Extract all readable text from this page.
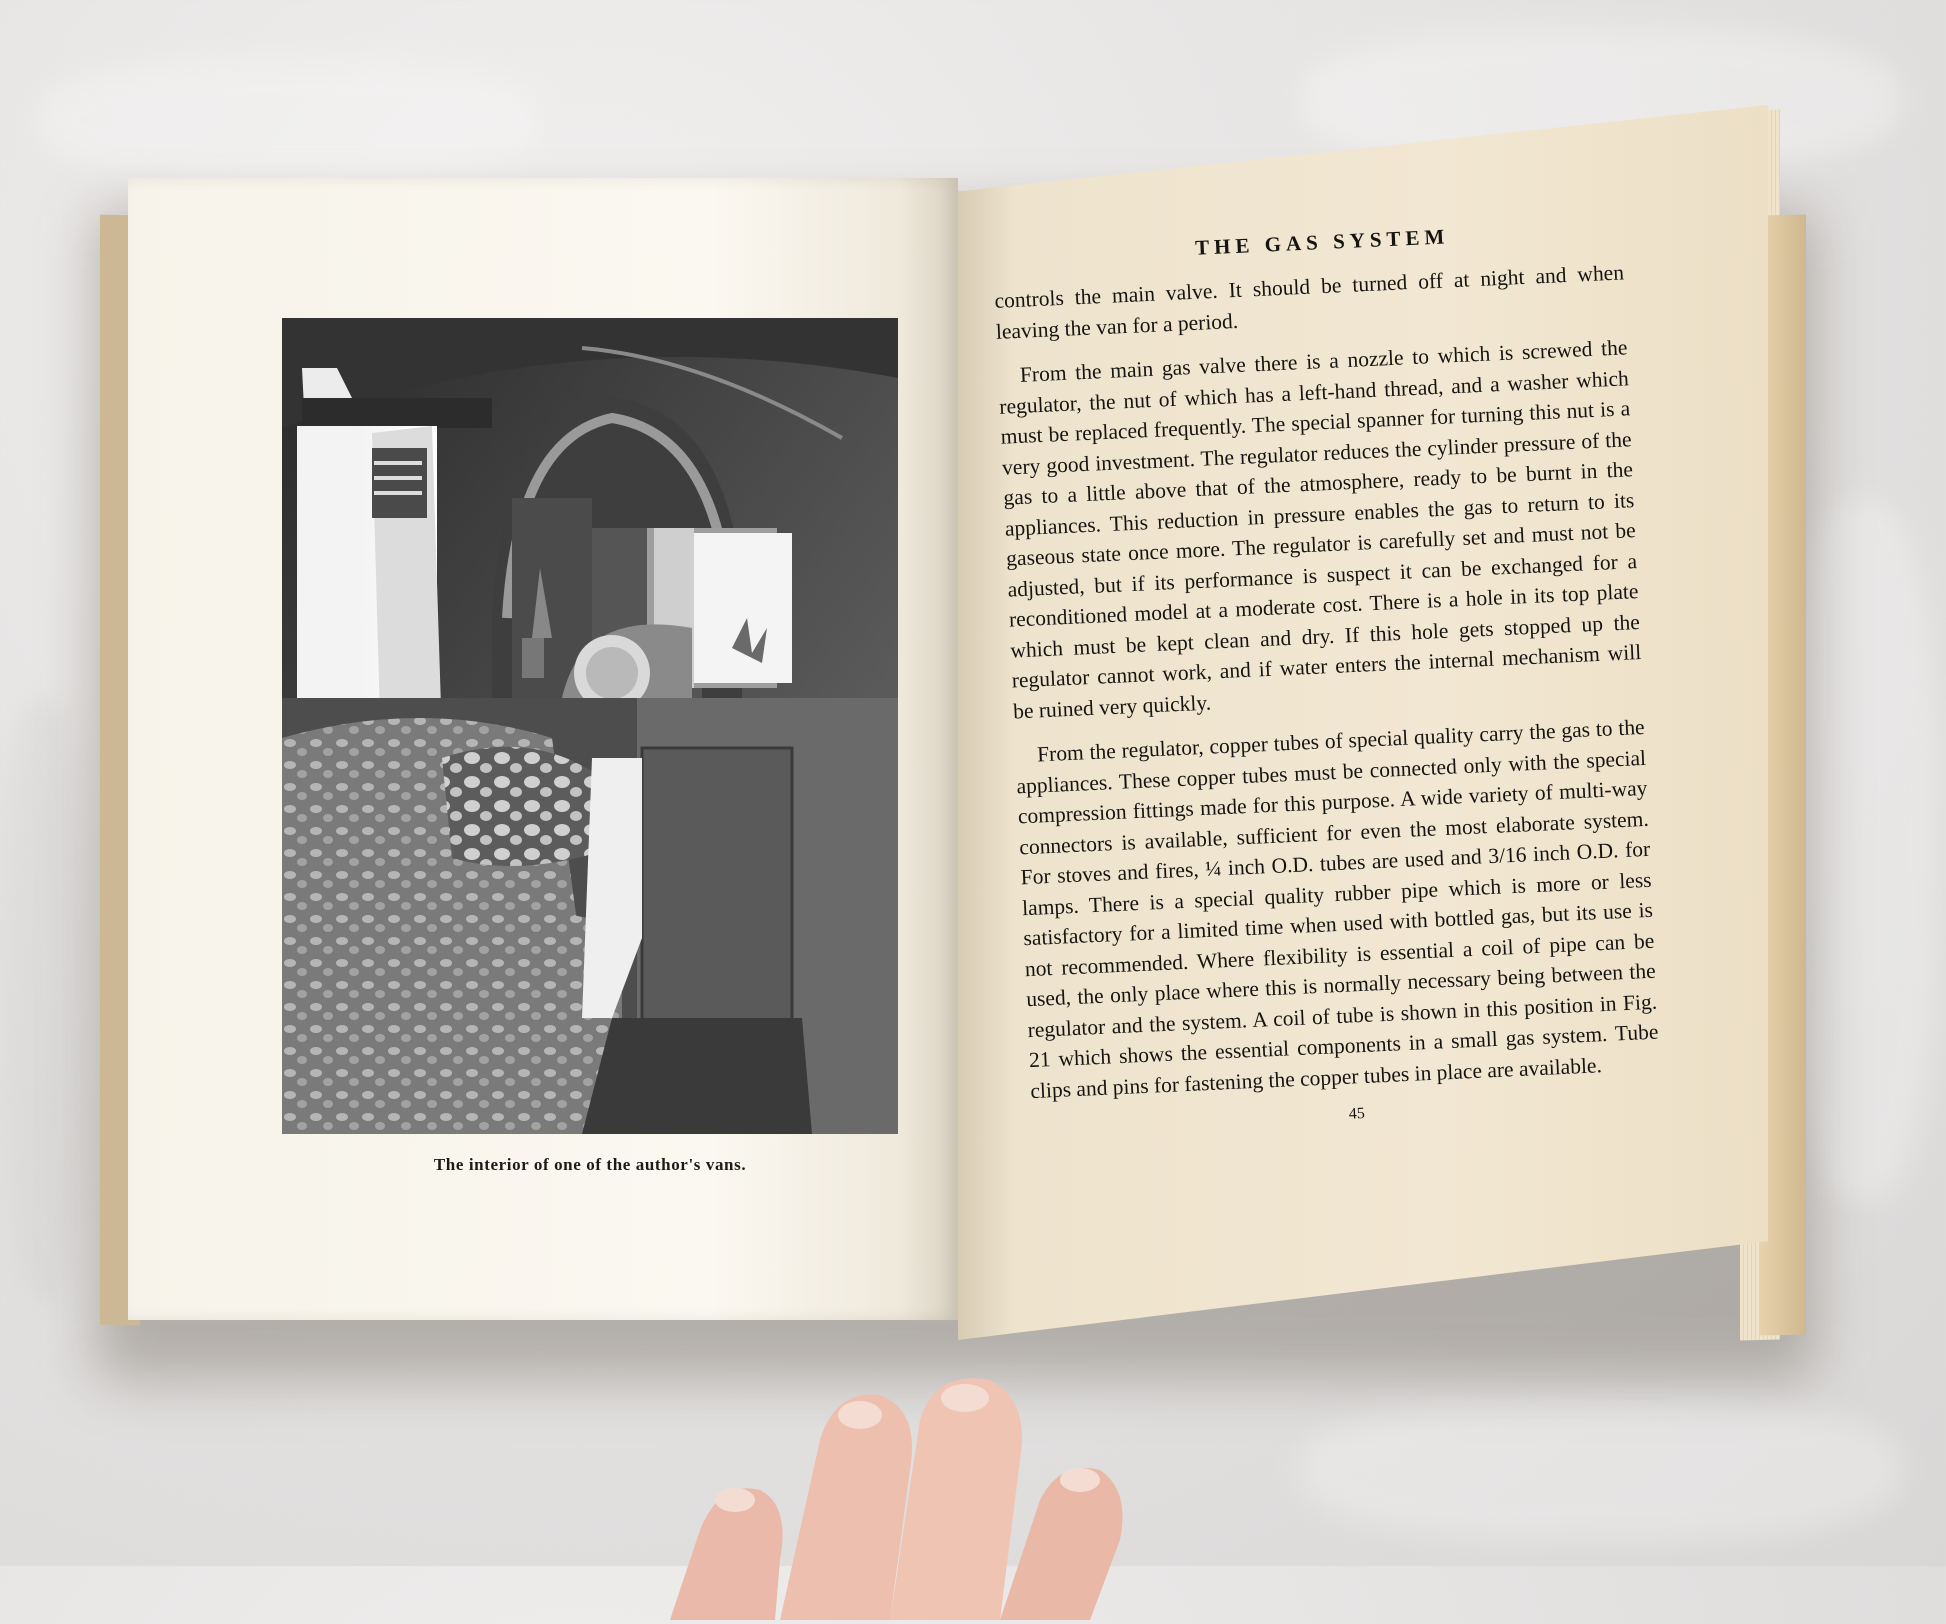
The interior of one of the author's vans.
THE GAS SYSTEM

controls the main valve. It should be turned off at night and when leaving the van for a period.

From the main gas valve there is a nozzle to which is screwed the regulator, the nut of which has a left-hand thread, and a washer which must be replaced frequently. The special spanner for turning this nut is a very good investment. The regulator reduces the cylinder pressure of the gas to a little above that of the atmosphere, ready to be burnt in the appliances. This reduction in pressure enables the gas to return to its gaseous state once more. The regulator is carefully set and must not be adjusted, but if its performance is suspect it can be exchanged for a reconditioned model at a moderate cost. There is a hole in its top plate which must be kept clean and dry. If this hole gets stopped up the regulator cannot work, and if water enters the internal mechanism will be ruined very quickly.

From the regulator, copper tubes of special quality carry the gas to the appliances. These copper tubes must be connected only with the special compression fittings made for this purpose. A wide variety of multi-way connectors is available, sufficient for even the most elaborate system. For stoves and fires, ¼ inch O.D. tubes are used and 3/16 inch O.D. for lamps. There is a special quality rubber pipe which is more or less satisfactory for a limited time when used with bottled gas, but its use is not recommended. Where flexibility is essential a coil of pipe can be used, the only place where this is normally necessary being between the regulator and the system. A coil of tube is shown in this position in Fig. 21 which shows the essential components in a small gas system. Tube clips and pins for fastening the copper tubes in place are available.

45
